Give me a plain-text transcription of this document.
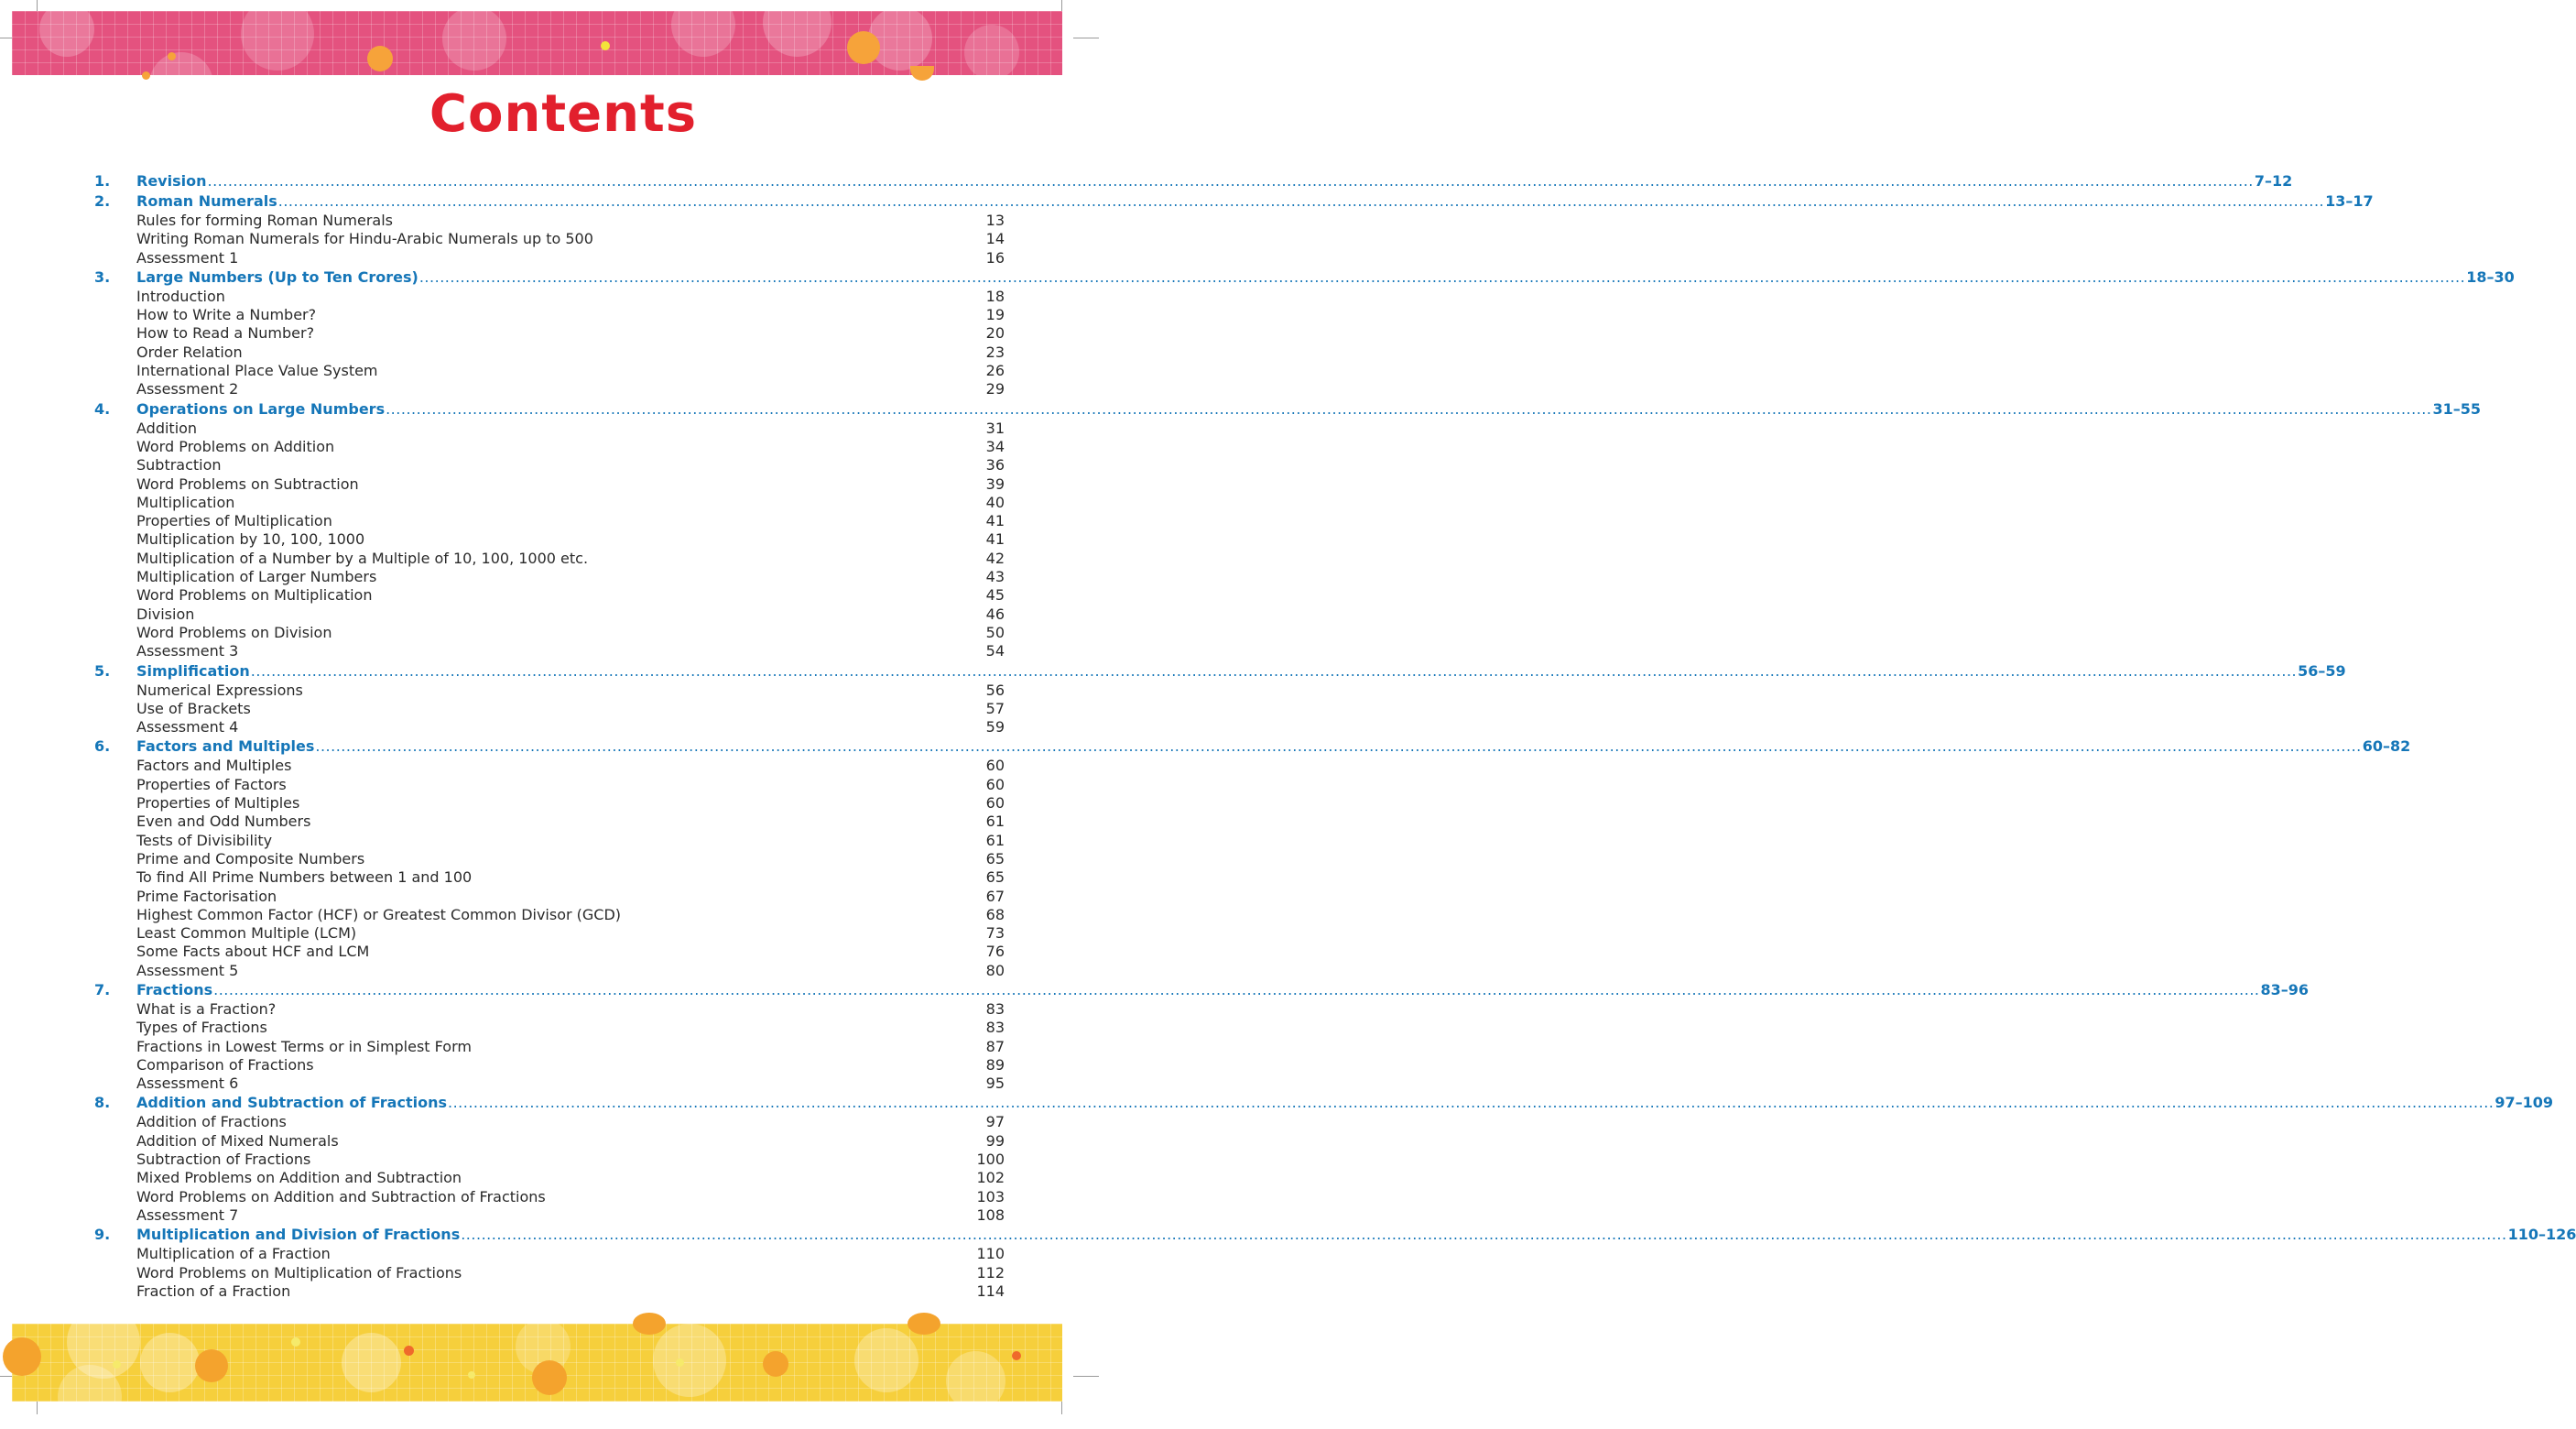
Contents
1.	Revision ................................................................................................................................................................................................................................................................................................................................................................................................................ 7–12
2.	Roman Numerals ................................................................................................................................................................................................................................................................................................................................................................................................................ 13–17
Rules for forming Roman Numerals	13
Writing Roman Numerals for Hindu-Arabic Numerals up to 500	14
Assessment 1	16
3.	Large Numbers (Up to Ten Crores) ................................................................................................................................................................................................................................................................................................................................................................................................................ 18–30
Introduction	18
How to Write a Number?	19
How to Read a Number?	20
Order Relation	23
International Place Value System	26
Assessment 2	29
4.	Operations on Large Numbers ................................................................................................................................................................................................................................................................................................................................................................................................................ 31–55
Addition	31
Word Problems on Addition	34
Subtraction	36
Word Problems on Subtraction	39
Multiplication	40
Properties of Multiplication	41
Multiplication by 10, 100, 1000	41
Multiplication of a Number by a Multiple of 10, 100, 1000 etc.	42
Multiplication of Larger Numbers	43
Word Problems on Multiplication	45
Division	46
Word Problems on Division	50
Assessment 3	54
5.	Simplification ................................................................................................................................................................................................................................................................................................................................................................................................................ 56–59
Numerical Expressions	56
Use of Brackets	57
Assessment 4	59
6.	Factors and Multiples ................................................................................................................................................................................................................................................................................................................................................................................................................ 60–82
Factors and Multiples	60
Properties of Factors	60
Properties of Multiples	60
Even and Odd Numbers	61
Tests of Divisibility	61
Prime and Composite Numbers	65
To find All Prime Numbers between 1 and 100	65
Prime Factorisation	67
Highest Common Factor (HCF) or Greatest Common Divisor (GCD)	68
Least Common Multiple (LCM)	73
Some Facts about HCF and LCM	76
Assessment 5	80
7.	Fractions ................................................................................................................................................................................................................................................................................................................................................................................................................ 83–96
What is a Fraction?	83
Types of Fractions	83
Fractions in Lowest Terms or in Simplest Form	87
Comparison of Fractions	89
Assessment 6	95
8.	Addition and Subtraction of Fractions ................................................................................................................................................................................................................................................................................................................................................................................................................ 97–109
Addition of Fractions	97
Addition of Mixed Numerals	99
Subtraction of Fractions	100
Mixed Problems on Addition and Subtraction	102
Word Problems on Addition and Subtraction of Fractions	103
Assessment 7	108
9.	Multiplication and Division of Fractions ................................................................................................................................................................................................................................................................................................................................................................................................................ 110–126
Multiplication of a Fraction	110
Word Problems on Multiplication of Fractions	112
Fraction of a Fraction	114
